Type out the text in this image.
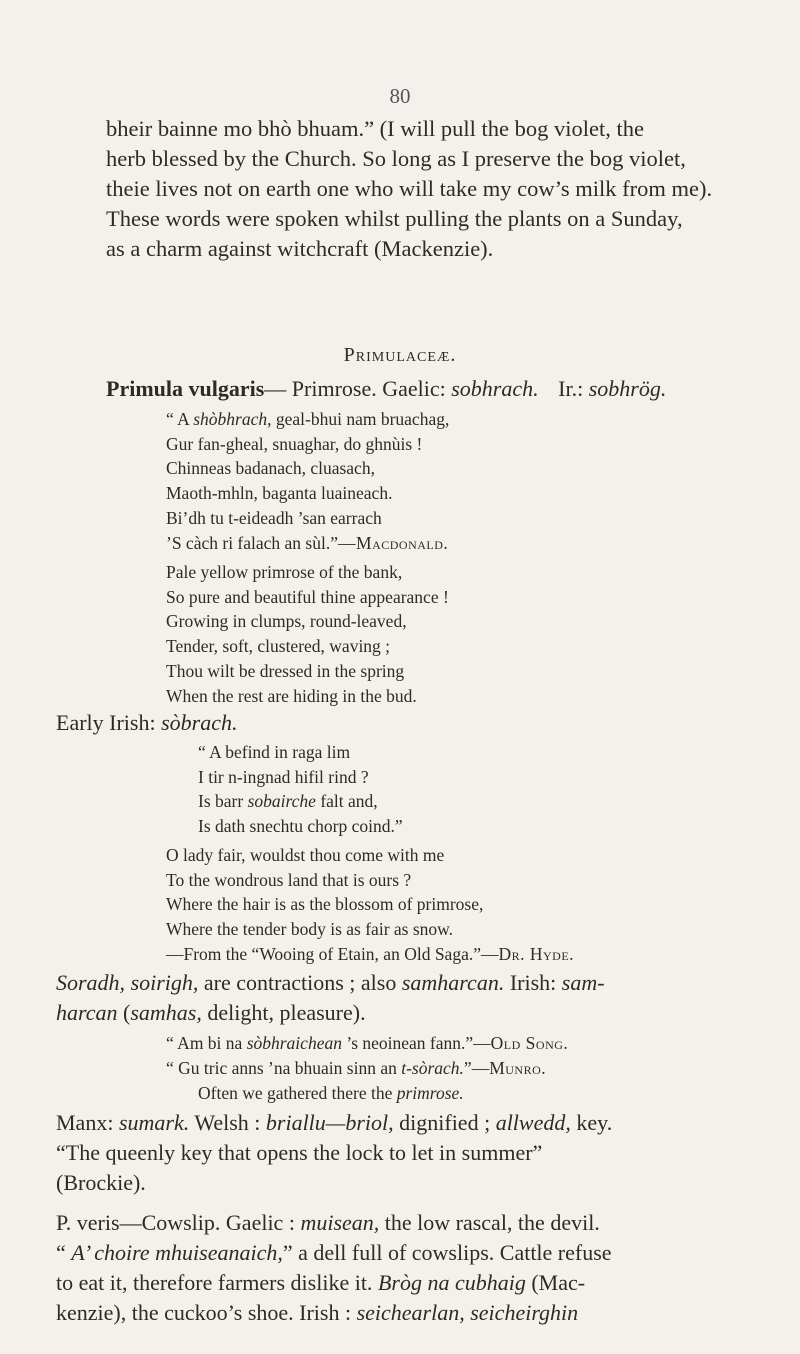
80

bheir bainne mo bhò bhuam.” (I will pull the bog violet, the

herb blessed by the Church. So long as I preserve the bog violet,

theie lives not on earth one who will take my cow’s milk from me).

These words were spoken whilst pulling the plants on a Sunday,

as a charm against witchcraft (Mackenzie).

Primulaceæ.
Primula vulgaris— Primrose. Gaelic: sobhrach. Ir.: sobhrög.
“ A shòbhrach, geal-bhui nam bruachag,
Gur fan-gheal, snuaghar, do ghnùis !
Chinneas badanach, cluasach,
Maoth-mhln, baganta luaineach.
Bi’dh tu t-eideadh ’san earrach
’S càch ri falach an sùl.”—Macdonald.
Pale yellow primrose of the bank,
So pure and beautiful thine appearance !
Growing in clumps, round-leaved,
Tender, soft, clustered, waving ;
Thou wilt be dressed in the spring
When the rest are hiding in the bud.
Early Irish: sòbrach.
“ A befind in raga lim
I tir n-ingnad hifil rind ?
Is barr sobairche falt and,
Is dath snechtu chorp coind.”
O lady fair, wouldst thou come with me
To the wondrous land that is ours ?
Where the hair is as the blossom of primrose,
Where the tender body is as fair as snow.
—From the “Wooing of Etain, an Old Saga.”—Dr. Hyde.
Soradh, soirigh, are contractions ; also samharcan. Irish: sam-
harcan (samhas, delight, pleasure).
“ Am bi na sòbhraichean ’s neoinean fann.”—Old Song.
“ Gu tric anns ’na bhuain sinn an t-sòrach.”—Munro.
Often we gathered there the primrose.
Manx: sumark. Welsh : briallu—briol, dignified ; allwedd, key.
“The queenly key that opens the lock to let in summer”
(Brockie).
P. veris—Cowslip. Gaelic : muisean, the low rascal, the devil.
“ A’ choire mhuiseanaich,” a dell full of cowslips. Cattle refuse
to eat it, therefore farmers dislike it. Bròg na cubhaig (Mac-
kenzie), the cuckoo’s shoe. Irish : seichearlan, seicheirghin
